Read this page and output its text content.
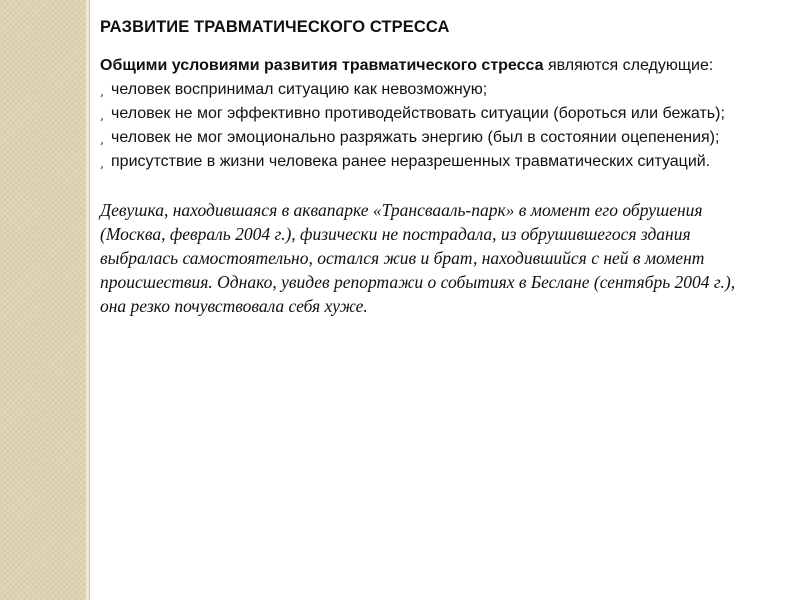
РАЗВИТИЕ ТРАВМАТИЧЕСКОГО СТРЕССА

Общими условиями развития травматического стресса являются следующие:

¸ человек воспринимал ситуацию как невозможную;

¸ человек не мог эффективно противодействовать ситуации (бороться или бежать);

¸ человек не мог эмоционально разряжать энергию (был в состоянии оцепенения);

¸ присутствие в жизни человека ранее неразрешенных травматических ситуаций.

Девушка, находившаяся в аквапарке «Трансвааль-парк» в момент его обрушения (Москва, февраль 2004 г.), физически не пострадала, из обрушившегося здания выбралась самостоятельно, остался жив и брат, находившийся с ней в момент происшествия. Однако, увидев репортажи о событиях в Беслане (сентябрь 2004 г.), она резко почувствовала себя хуже.
